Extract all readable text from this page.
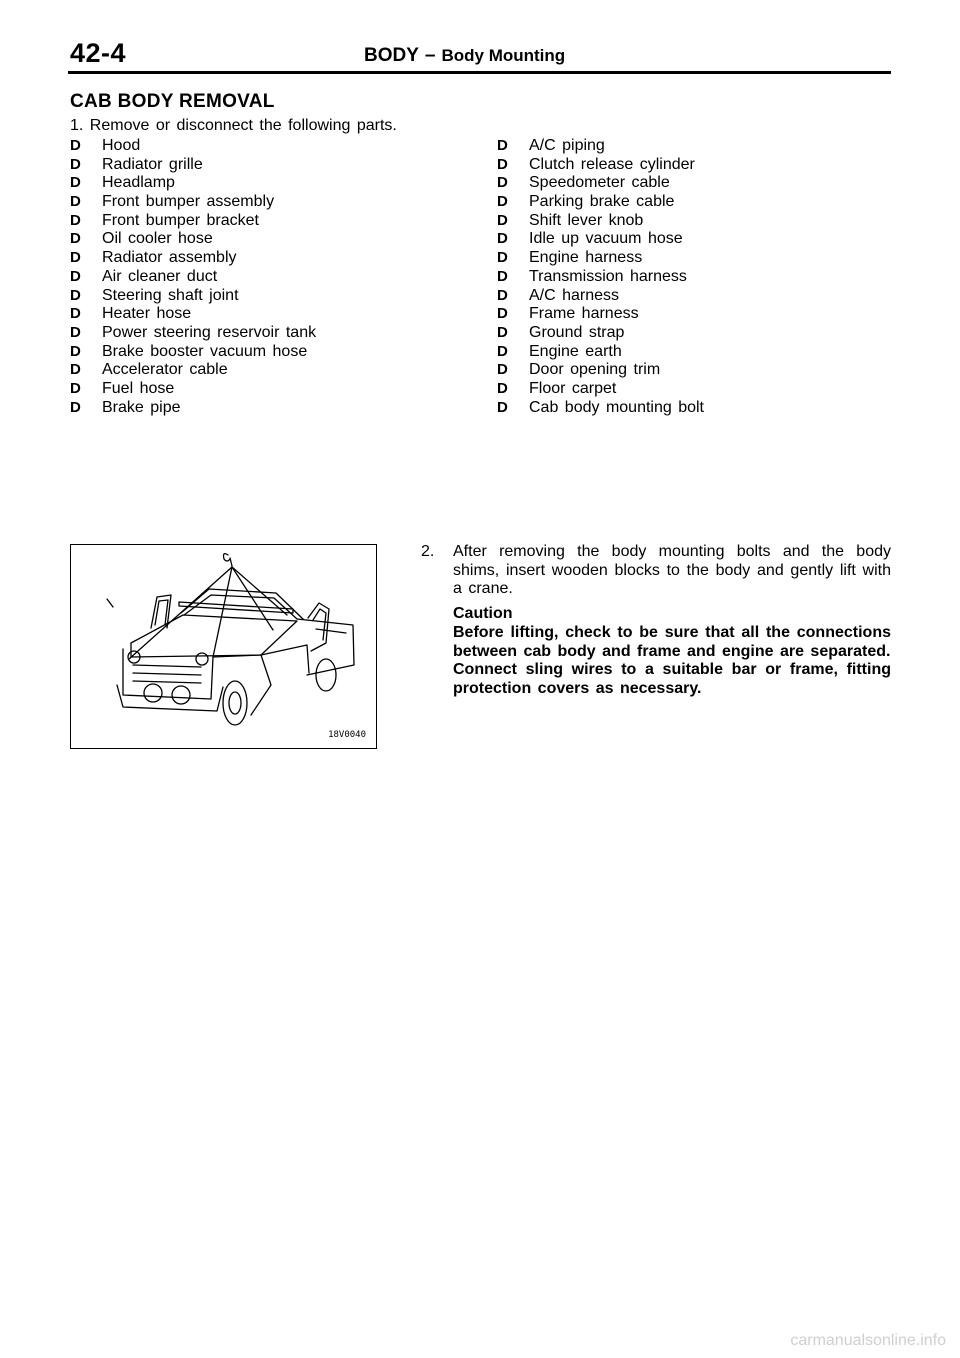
42-4	BODY – Body Mounting
CAB BODY REMOVAL
1. Remove or disconnect the following parts.
D Hood
D Radiator grille
D Headlamp
D Front bumper assembly
D Front bumper bracket
D Oil cooler hose
D Radiator assembly
D Air cleaner duct
D Steering shaft joint
D Heater hose
D Power steering reservoir tank
D Brake booster vacuum hose
D Accelerator cable
D Fuel hose
D Brake pipe
D A/C piping
D Clutch release cylinder
D Speedometer cable
D Parking brake cable
D Shift lever knob
D Idle up vacuum hose
D Engine harness
D Transmission harness
D A/C harness
D Frame harness
D Ground strap
D Engine earth
D Door opening trim
D Floor carpet
D Cab body mounting bolt
18V0040
2. After removing the body mounting bolts and the body shims, insert wooden blocks to the body and gently lift with a crane.
Caution
Before lifting, check to be sure that all the connections between cab body and frame and engine are separated.
Connect sling wires to a suitable bar or frame, fitting protection covers as necessary.
carmanualsonline.info
